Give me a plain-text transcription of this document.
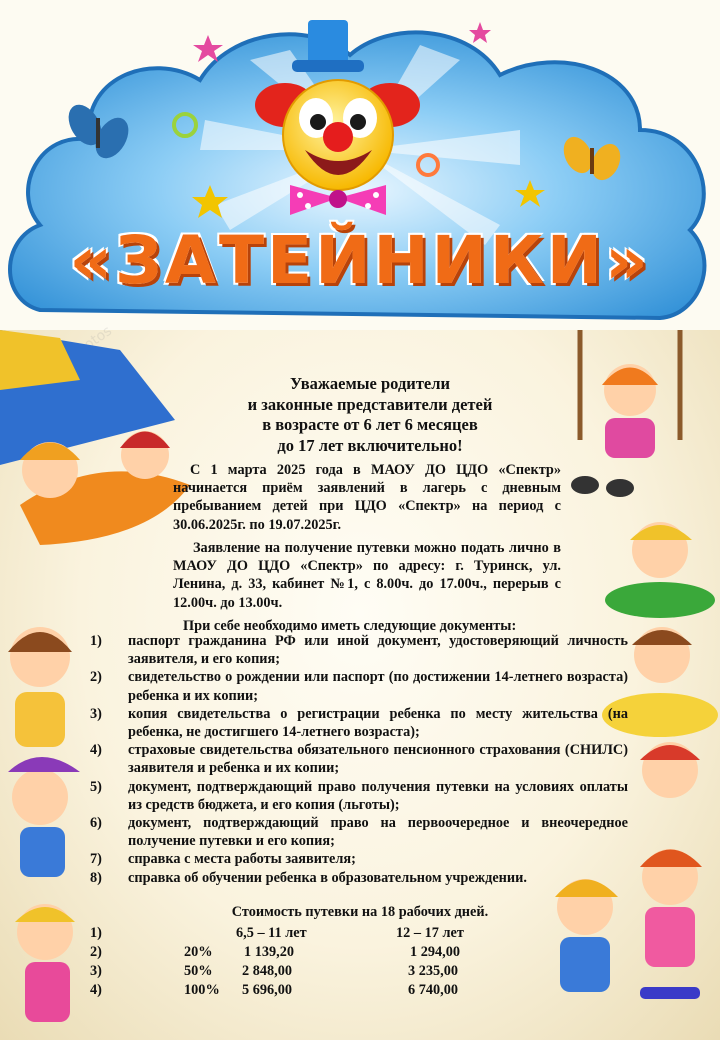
«ЗАТЕЙНИКИ»
Уважаемые родители
и законные представители детей
в возрасте от 6 лет 6 месяцев
до 17 лет включительно!
С 1 марта 2025 года в МАОУ ДО ЦДО «Спектр» начинается приём заявлений в лагерь с дневным пребыванием детей при ЦДО «Спектр» на период с 30.06.2025г. по 19.07.2025г.
Заявление на получение путевки можно подать лично в МАОУ ДО ЦДО «Спектр» по адресу: г. Туринск, ул. Ленина, д. 33, кабинет №1, с 8.00ч. до 17.00ч., перерыв с 12.00ч. до 13.00ч.
При себе необходимо иметь следующие документы:
1)	паспорт гражданина РФ или иной документ, удостоверяющий личность заявителя, и его копия;
2)	свидетельство о рождении или паспорт (по достижении 14-летнего возраста) ребенка и их копии;
3)	копия свидетельства о регистрации ребенка по месту жительства (на ребенка, не достигшего 14-летнего возраста);
4)	страховые свидетельства обязательного пенсионного страхования (СНИЛС) заявителя и ребенка и их копии;
5)	документ, подтверждающий право получения путевки на условиях оплаты из средств бюджета, и его копия (льготы);
6)	документ, подтверждающий право на первоочередное и внеочередное получение путевки и его копия;
7)	справка с места работы заявителя;
8)	справка об обучении ребенка в образовательном учреждении.
Стоимость путевки на 18 рабочих дней.
1)	6,5 – 11 лет	12 – 17 лет
2)	20% 1 139,20	1 294,00
3)	50% 2 848,00	3 235,00
4)	100% 5 696,00	6 740,00
